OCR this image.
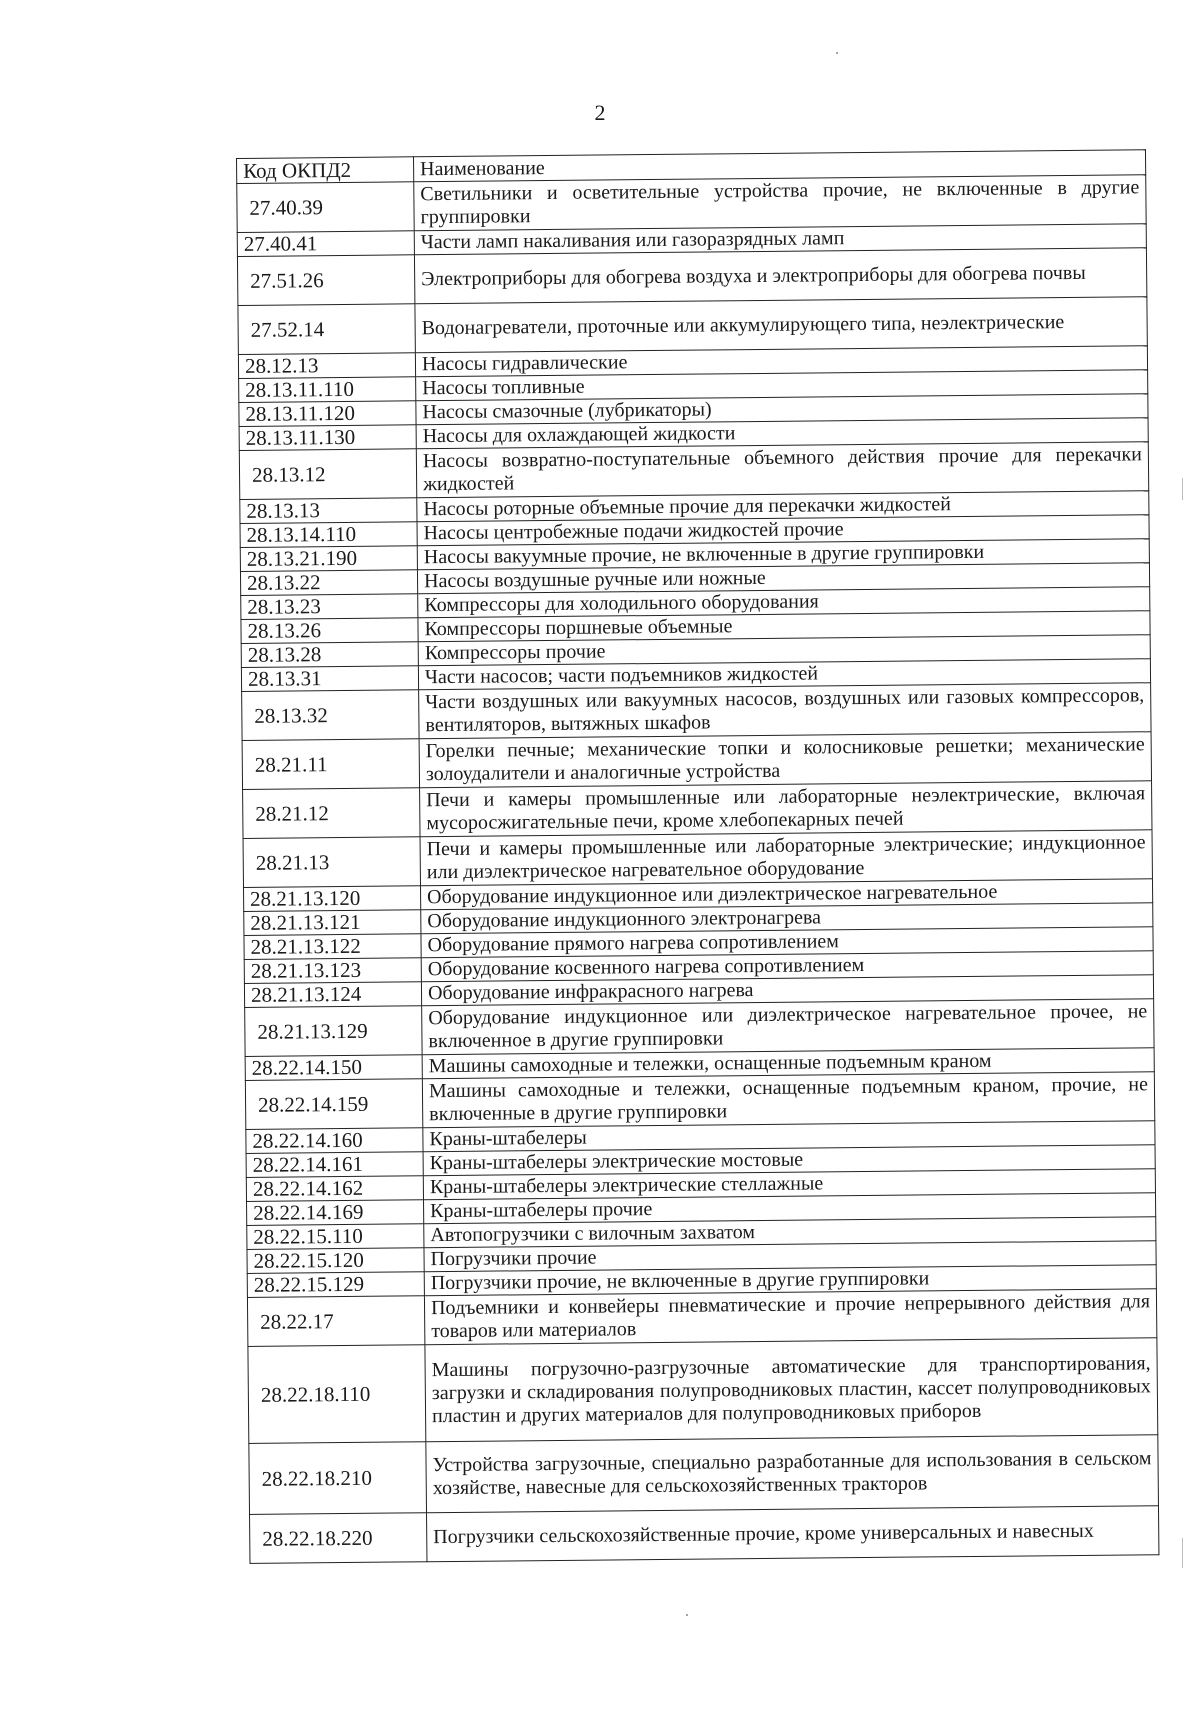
2
Код ОКПД2	Наименование
27.40.39	Светильники и осветительные устройства прочие, не включенные в другие группировки
27.40.41	Части ламп накаливания или газоразрядных ламп
27.51.26	Электроприборы для обогрева воздуха и электроприборы для обогрева почвы
27.52.14	Водонагреватели, проточные или аккумулирующего типа, неэлектрические
28.12.13	Насосы гидравлические
28.13.11.110	Насосы топливные
28.13.11.120	Насосы смазочные (лубрикаторы)
28.13.11.130	Насосы для охлаждающей жидкости
28.13.12	Насосы возвратно-поступательные объемного действия прочие для перекачки жидкостей
28.13.13	Насосы роторные объемные прочие для перекачки жидкостей
28.13.14.110	Насосы центробежные подачи жидкостей прочие
28.13.21.190	Насосы вакуумные прочие, не включенные в другие группировки
28.13.22	Насосы воздушные ручные или ножные
28.13.23	Компрессоры для холодильного оборудования
28.13.26	Компрессоры поршневые объемные
28.13.28	Компрессоры прочие
28.13.31	Части насосов; части подъемников жидкостей
28.13.32	Части воздушных или вакуумных насосов, воздушных или газовых компрессоров, вентиляторов, вытяжных шкафов
28.21.11	Горелки печные; механические топки и колосниковые решетки; механические золоудалители и аналогичные устройства
28.21.12	Печи и камеры промышленные или лабораторные неэлектрические, включая мусоросжигательные печи, кроме хлебопекарных печей
28.21.13	Печи и камеры промышленные или лабораторные электрические; индукционное или диэлектрическое нагревательное оборудование
28.21.13.120	Оборудование индукционное или диэлектрическое нагревательное
28.21.13.121	Оборудование индукционного электронагрева
28.21.13.122	Оборудование прямого нагрева сопротивлением
28.21.13.123	Оборудование косвенного нагрева сопротивлением
28.21.13.124	Оборудование инфракрасного нагрева
28.21.13.129	Оборудование индукционное или диэлектрическое нагревательное прочее, не включенное в другие группировки
28.22.14.150	Машины самоходные и тележки, оснащенные подъемным краном
28.22.14.159	Машины самоходные и тележки, оснащенные подъемным краном, прочие, не включенные в другие группировки
28.22.14.160	Краны-штабелеры
28.22.14.161	Краны-штабелеры электрические мостовые
28.22.14.162	Краны-штабелеры электрические стеллажные
28.22.14.169	Краны-штабелеры прочие
28.22.15.110	Автопогрузчики с вилочным захватом
28.22.15.120	Погрузчики прочие
28.22.15.129	Погрузчики прочие, не включенные в другие группировки
28.22.17	Подъемники и конвейеры пневматические и прочие непрерывного действия для товаров или материалов
28.22.18.110	Машины погрузочно-разгрузочные автоматические для транспортирования, загрузки и складирования полупроводниковых пластин, кассет полупроводниковых пластин и других материалов для полупроводниковых приборов
28.22.18.210	Устройства загрузочные, специально разработанные для использования в сельском хозяйстве, навесные для сельскохозяйственных тракторов
28.22.18.220	Погрузчики сельскохозяйственные прочие, кроме универсальных и навесных
